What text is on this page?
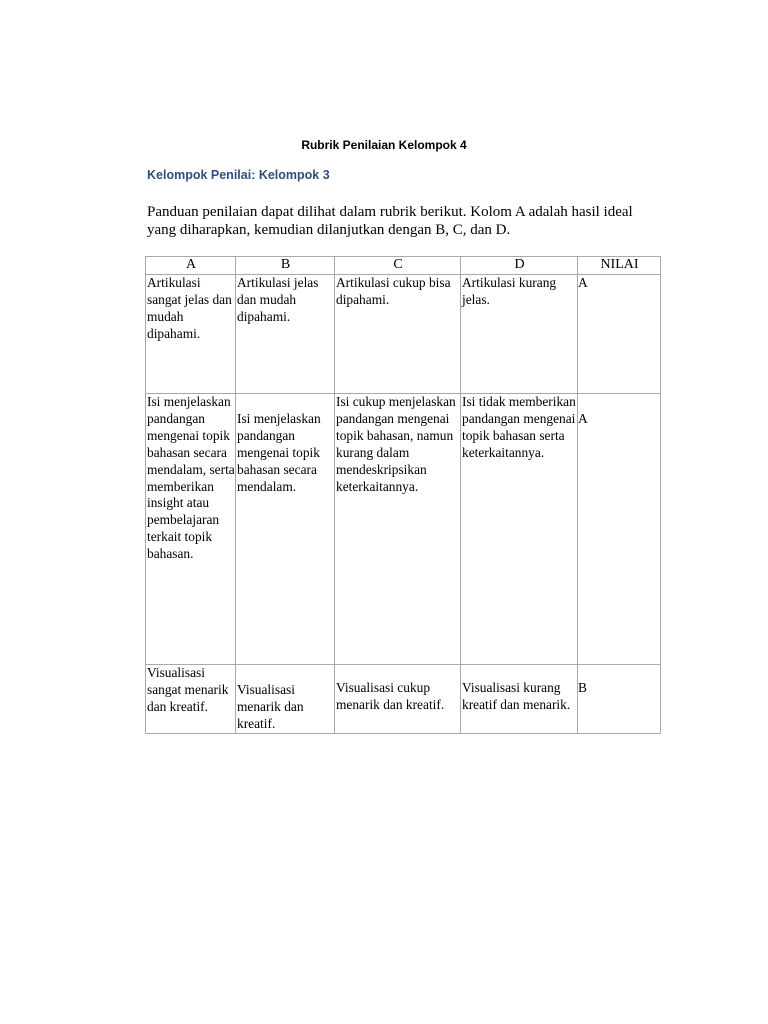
Rubrik Penilaian Kelompok 4
Kelompok Penilai: Kelompok 3
Panduan penilaian dapat dilihat dalam rubrik berikut. Kolom A adalah hasil ideal
yang diharapkan, kemudian dilanjutkan dengan B, C, dan D.
A	B	C	D	NILAI
Artikulasi sangat jelas dan mudah dipahami.	Artikulasi jelas dan mudah dipahami.	Artikulasi cukup bisa dipahami.	Artikulasi kurang jelas.	A
Isi menjelaskan pandangan mengenai topik bahasan secara mendalam, serta memberikan insight atau pembelajaran terkait topik bahasan.	Isi menjelaskan pandangan mengenai topik bahasan secara mendalam.	Isi cukup menjelaskan pandangan mengenai topik bahasan, namun kurang dalam mendeskripsikan keterkaitannya.	Isi tidak memberikan pandangan mengenai topik bahasan serta keterkaitannya.	A
Visualisasi sangat menarik dan kreatif.	Visualisasi menarik dan kreatif.	Visualisasi cukup menarik dan kreatif.	Visualisasi kurang kreatif dan menarik.	B
